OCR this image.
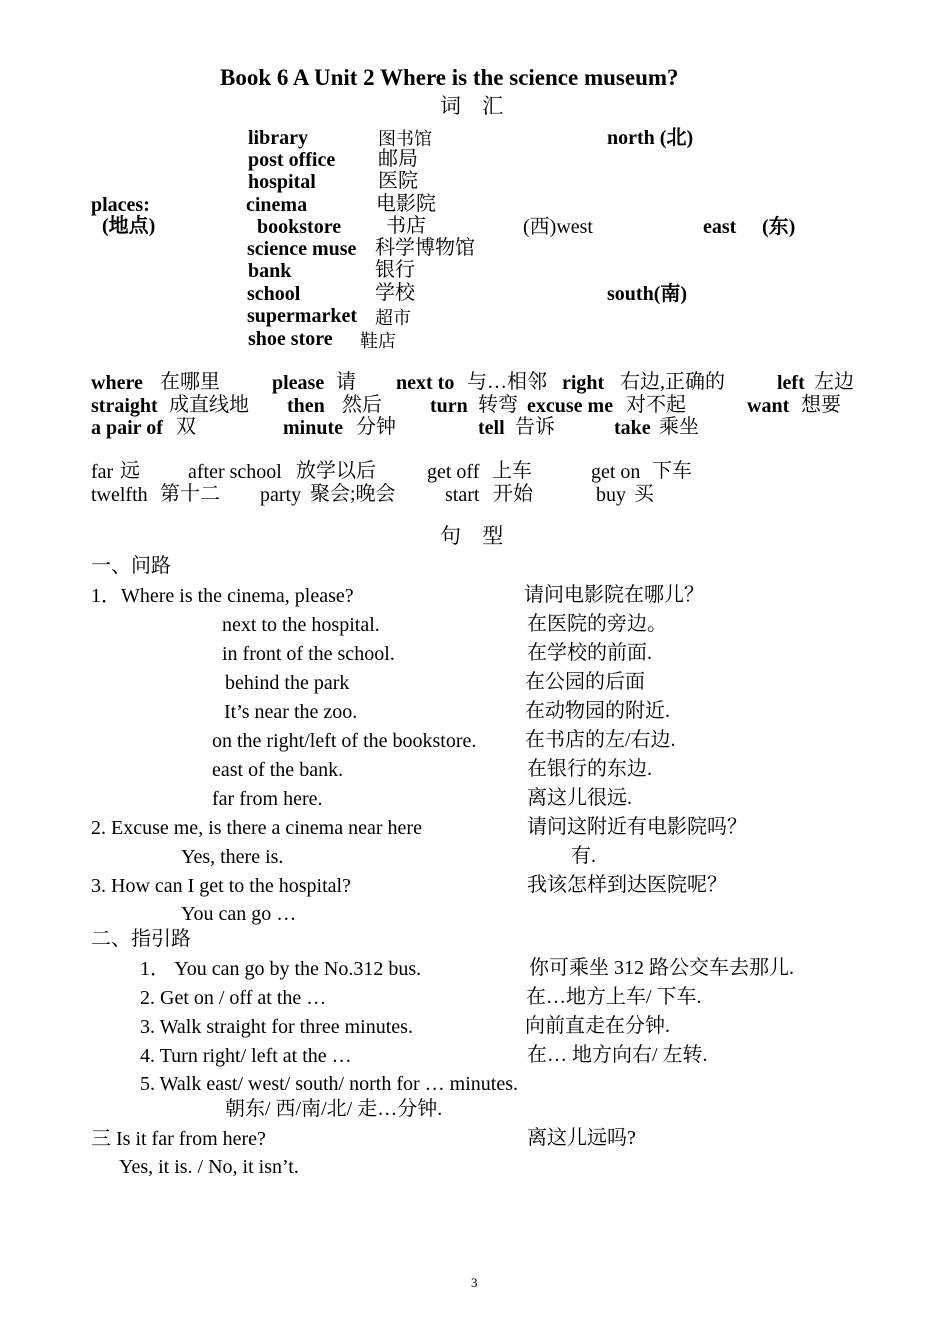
Book 6 A Unit 2 Where is the science museum?
词 汇
places:
(地点)
library	图书馆
post office 邮局
hospital	医院
cinema	电影院
bookstore 书店
science muse 科学博物馆
bank	银行
school	学校
supermarket 超市
shoe store 鞋店
north (北)
(西)west	east (东)
south(南)
where 在哪里	please 请 next to 与…相邻 right 右边,正确的	left 左边
straight 成直线地 then 然后 turn 转弯 excuse me 对不起	want 想要
a pair of 双	minute 分钟	tell 告诉	take 乘坐
far 远 after school 放学以后	get off 上车	get on 下车
twelfth 第十二 party 聚会;晚会 start 开始	buy 买
句 型
一、问路
1．Where is the cinema, please?	请问电影院在哪儿？
next to the hospital.	在医院的旁边。
in front of the school.	在学校的前面.
behind the park	在公园的后面
It’s near the zoo.	在动物园的附近.
on the right/left of the bookstore. 在书店的左/右边.
east of the bank.	在银行的东边.
far from here.	离这儿很远.
2. Excuse me, is there a cinema near here	请问这附近有电影院吗？
Yes, there is.	有.
3. How can I get to the hospital?	我该怎样到达医院呢？
You can go …
二、指引路
1． You can go by the No.312 bus.	你可乘坐 312 路公交车去那儿.
2. Get on / off at the …	在…地方上车/ 下车.
3. Walk straight for three minutes.	向前直走在分钟.
4. Turn right/ left at the …	在… 地方向右/ 左转.
5. Walk east/ west/ south/ north for … minutes.
朝东/ 西/南/北/ 走…分钟.
三 Is it far from here?	离这儿远吗?
Yes, it is. / No, it isn’t.
3
